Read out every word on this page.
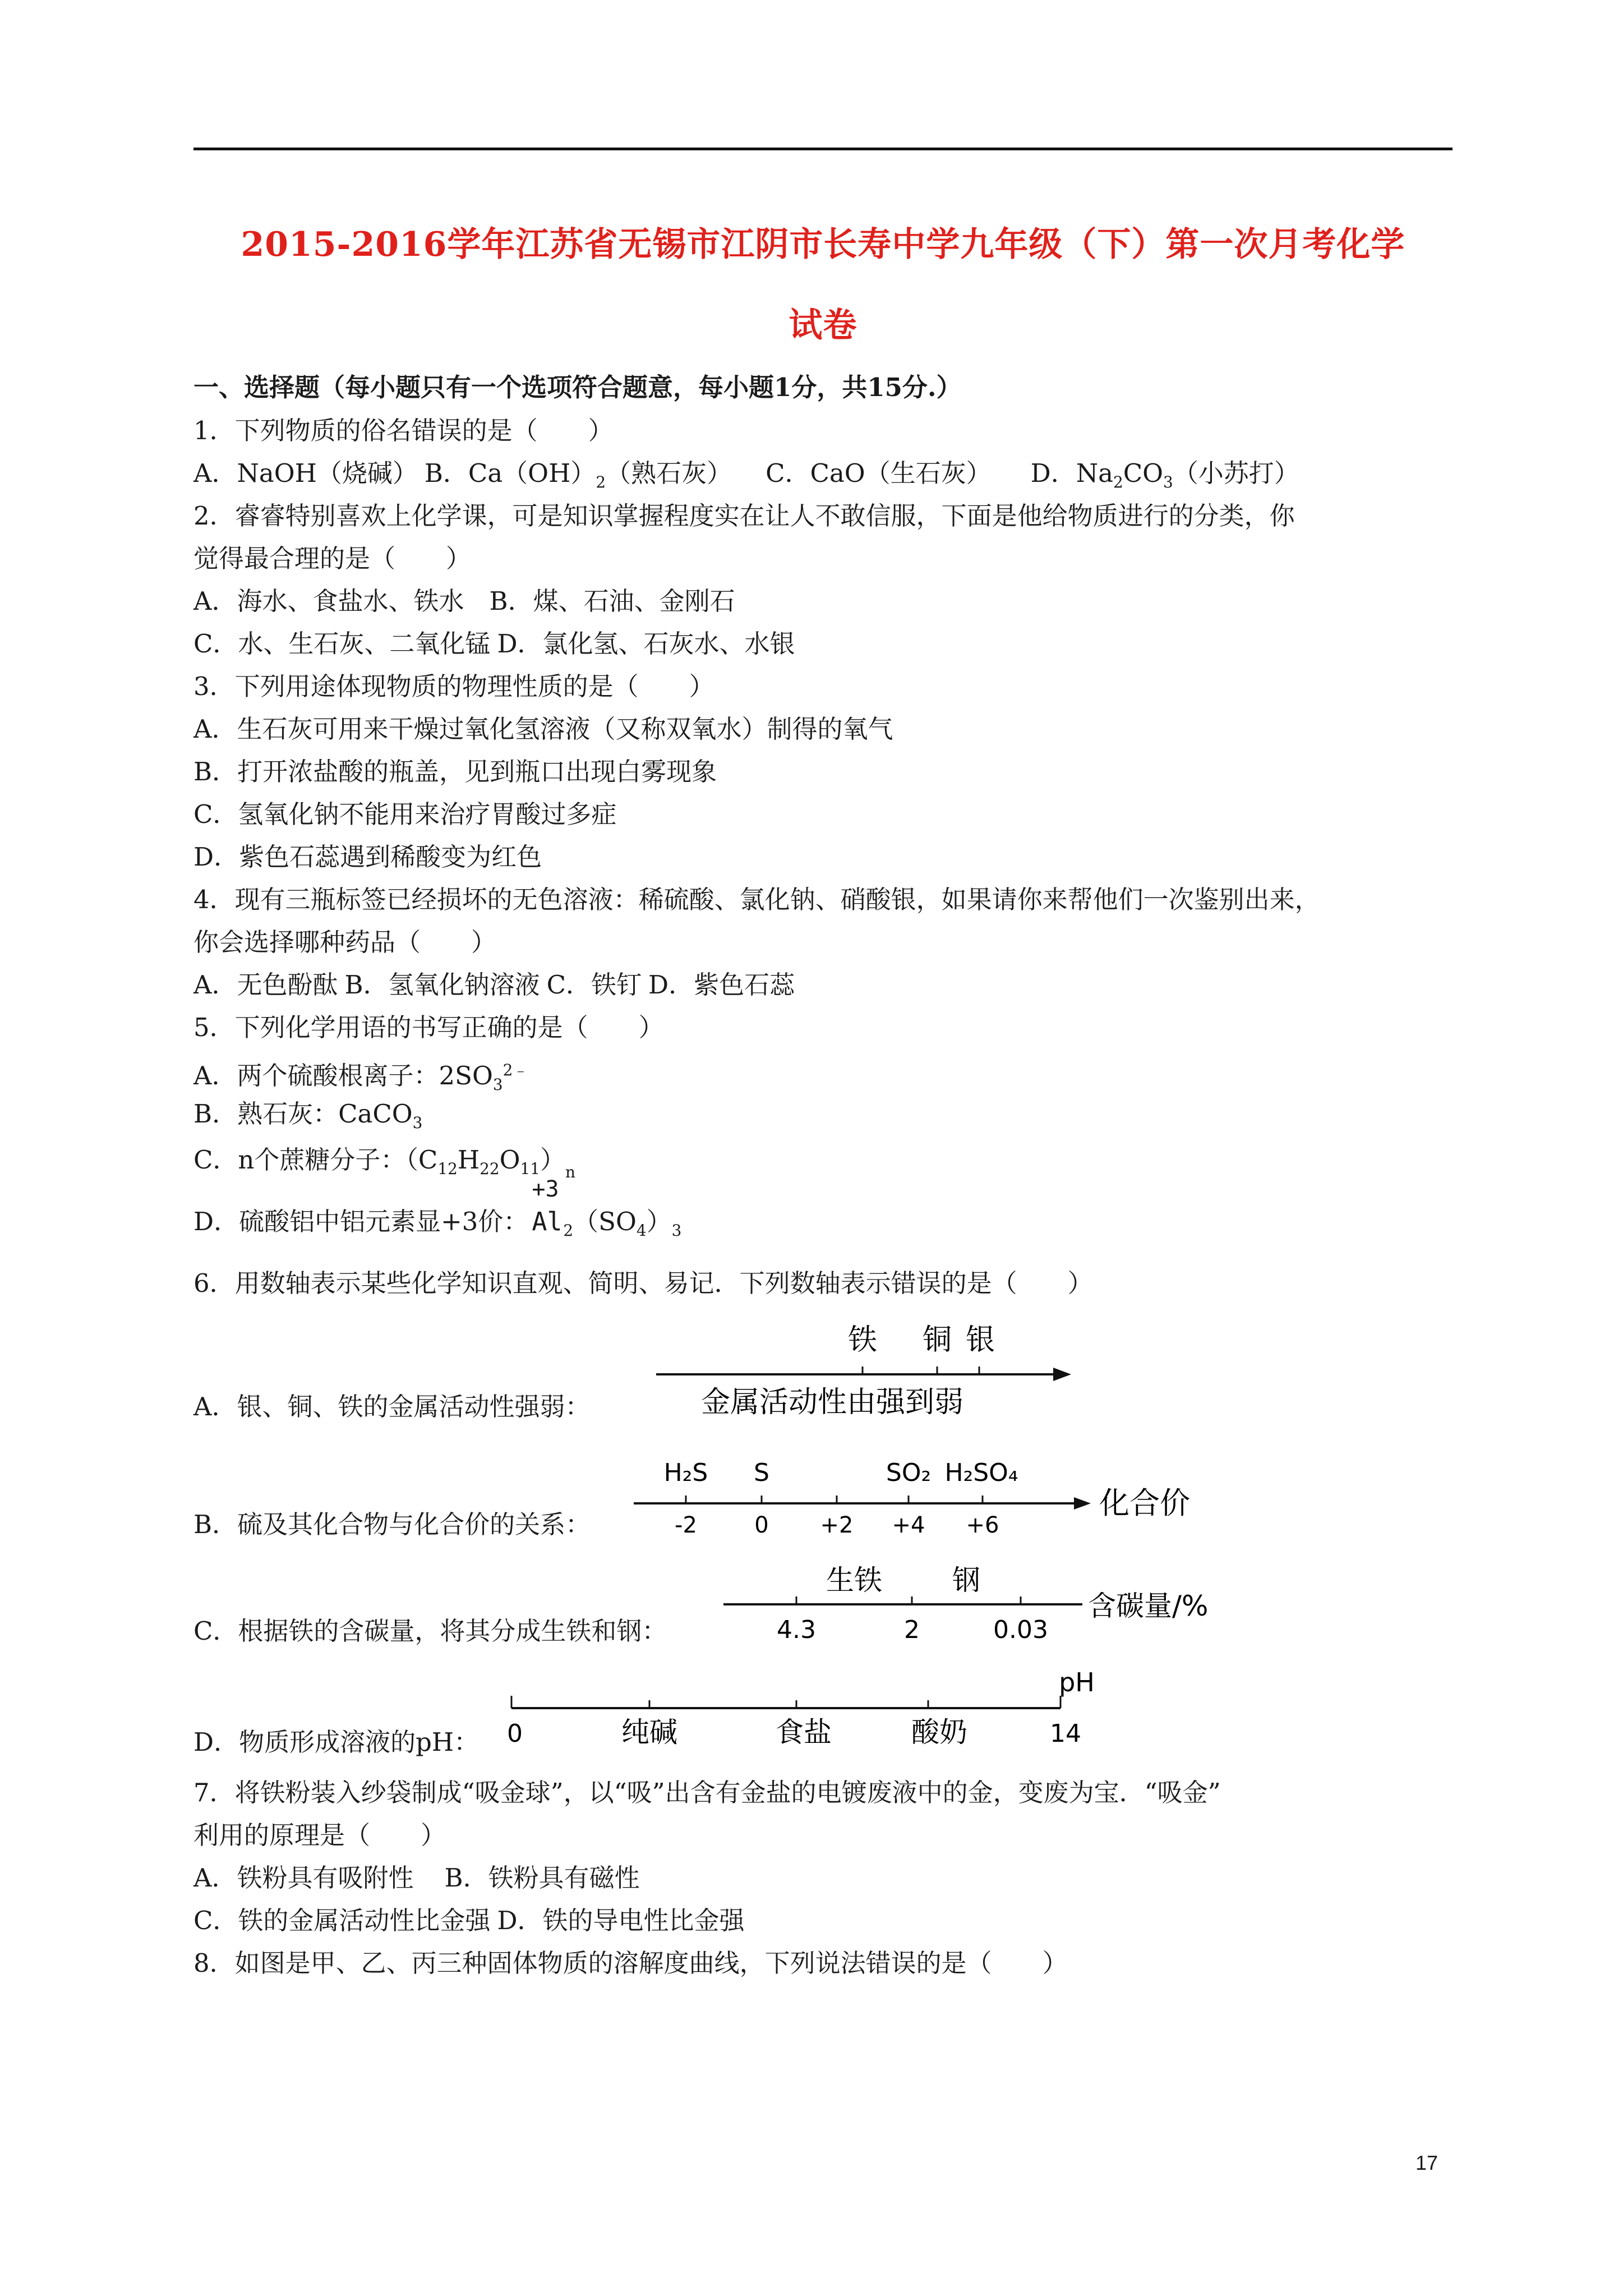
2015-2016学年江苏省无锡市江阴市长寿中学九年级（下）第一次月考化学
试卷
一、选择题（每小题只有一个选项符合题意，每小题1分，共15分.）
1．下列物质的俗名错误的是（　　）
A．NaOH（烧碱） B．$Ca(OH)_2$（熟石灰） C．CaO（生石灰） D．$Na_2CO_3$（小苏打）
2．睿睿特别喜欢上化学课，可是知识掌握程度实在让人不敢信服，下面是他给物质进行的分类，你
觉得最合理的是（　　）
A．海水、食盐水、铁水 B．煤、石油、金刚石
C．水、生石灰、二氧化锰 D．氯化氢、石灰水、水银
3．下列用途体现物质的物理性质的是（　　）
A．生石灰可用来干燥过氧化氢溶液（又称双氧水）制得的氧气
B．打开浓盐酸的瓶盖，见到瓶口出现白雾现象
C．氢氧化钠不能用来治疗胃酸过多症
D．紫色石蕊遇到稀酸变为红色
4．现有三瓶标签已经损坏的无色溶液：稀硫酸、氯化钠、硝酸银，如果请你来帮他们一次鉴别出来，
你会选择哪种药品（　　）
A．无色酚酞 B．氢氧化钠溶液 C．铁钉 D．紫色石蕊
5．下列化学用语的书写正确的是（　　）
A．两个硫酸根离子：$2SO_3^{2﹣}$
B．熟石灰：CaCO$_3$
C．n个蔗糖分子：$(C_{12}H_{22}O_{11})_n$
D．硫酸铝中铝元素显+3价：
+3
$Al_2(SO_4)_3$
6．用数轴表示某些化学知识直观、简明、易记．下列数轴表示错误的是（　　）
A．银、铜、铁的金属活动性强弱：
铁 铜 银
金属活动性由强到弱
B．硫及其化合物与化合价的关系：
H₂S S	SO₂ H₂SO₄
-2	0 +2 +4 +6
化合价
C．根据铁的含碳量，将其分成生铁和钢：
生铁	钢
4.3	2	0.03
含碳量/%
D．物质形成溶液的pH：
pH
0	纯碱	食盐	酸奶	14
7．将铁粉装入纱袋制成“吸金球”，以“吸”出含有金盐的电镀废液中的金，变废为宝．“吸金”
利用的原理是（　　）
A．铁粉具有吸附性 B．铁粉具有磁性
C．铁的金属活动性比金强 D．铁的导电性比金强
8．如图是甲、乙、丙三种固体物质的溶解度曲线，下列说法错误的是（　　）
17
